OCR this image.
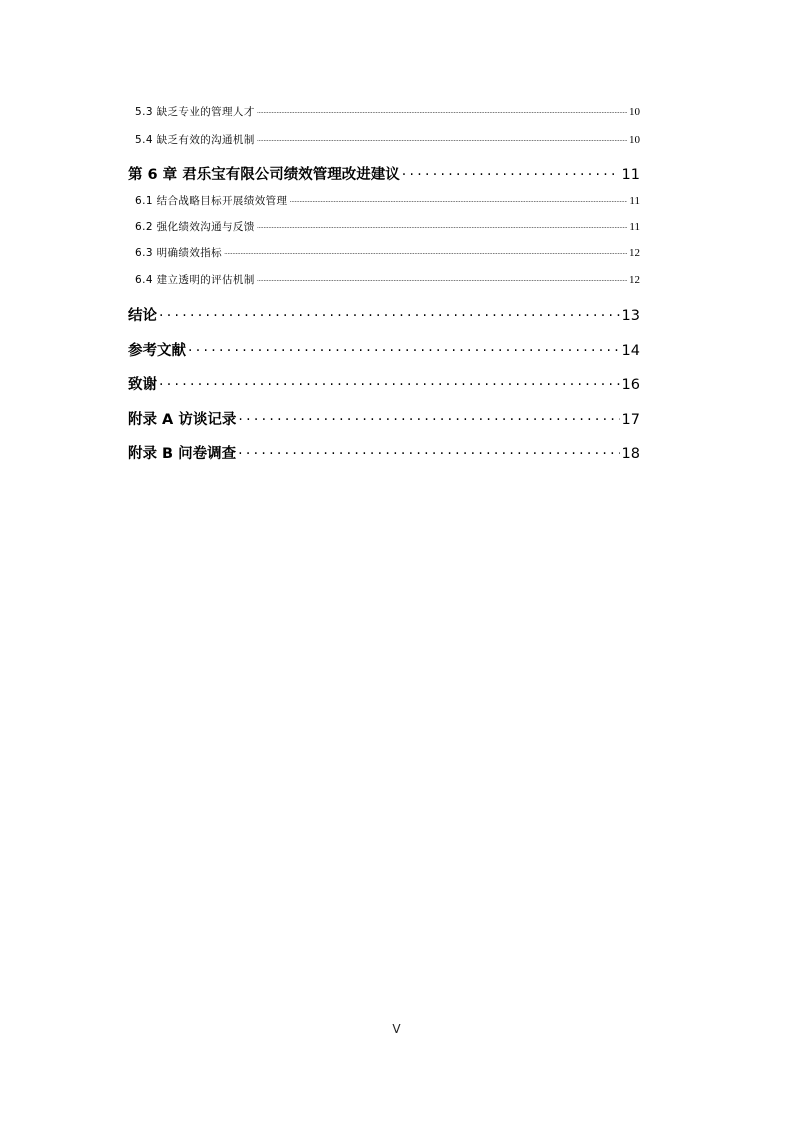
5.3 缺乏专业的管理人才 .....	10
5.4 缺乏有效的沟通机制 .....	10
第 6 章 君乐宝有限公司绩效管理改进建议 .....	11
6.1 结合战略目标开展绩效管理 .....	11
6.2 强化绩效沟通与反馈 .....	11
6.3 明确绩效指标 .....	12
6.4 建立透明的评估机制 .....	12
结论 .....	13
参考文献 .....	14
致谢 .....	16
附录 A 访谈记录 .....	17
附录 B 问卷调查 .....	18
V
